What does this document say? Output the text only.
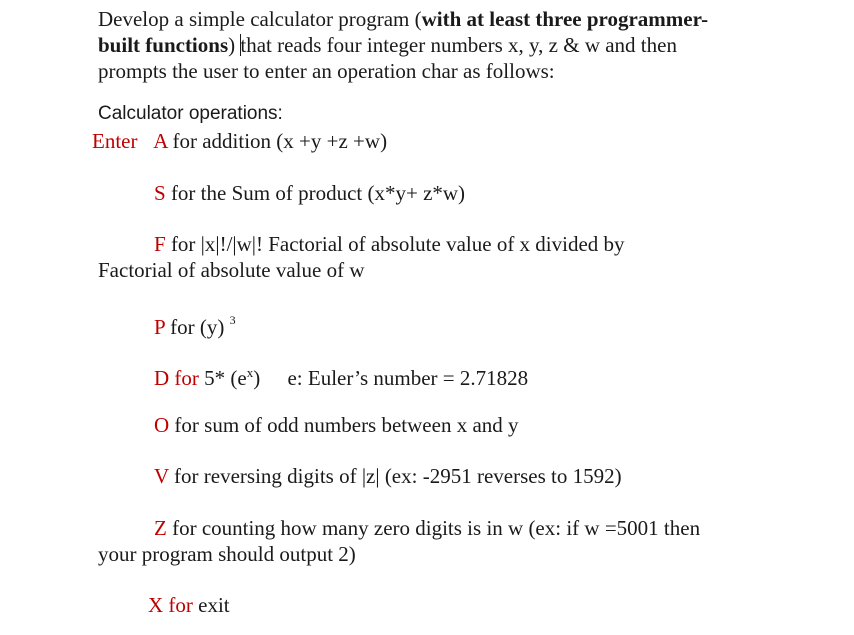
Develop a simple calculator program (with at least three programmer-
built functions) that reads four integer numbers x, y, z & w and then
prompts the user to enter an operation char as follows:
Calculator operations:
Enter A for addition (x +y +z +w)
S for the Sum of product (x*y+ z*w)
F for |x|!/|w|! Factorial of absolute value of x divided by
Factorial of absolute value of w
P for (y) $^3$
D for 5* $(e^x)$ e: Euler’s number = 2.71828
O for sum of odd numbers between x and y
V for reversing digits of |z| (ex: -2951 reverses to 1592)
Z for counting how many zero digits is in w (ex: if w =5001 then
your program should output 2)
X for exit
